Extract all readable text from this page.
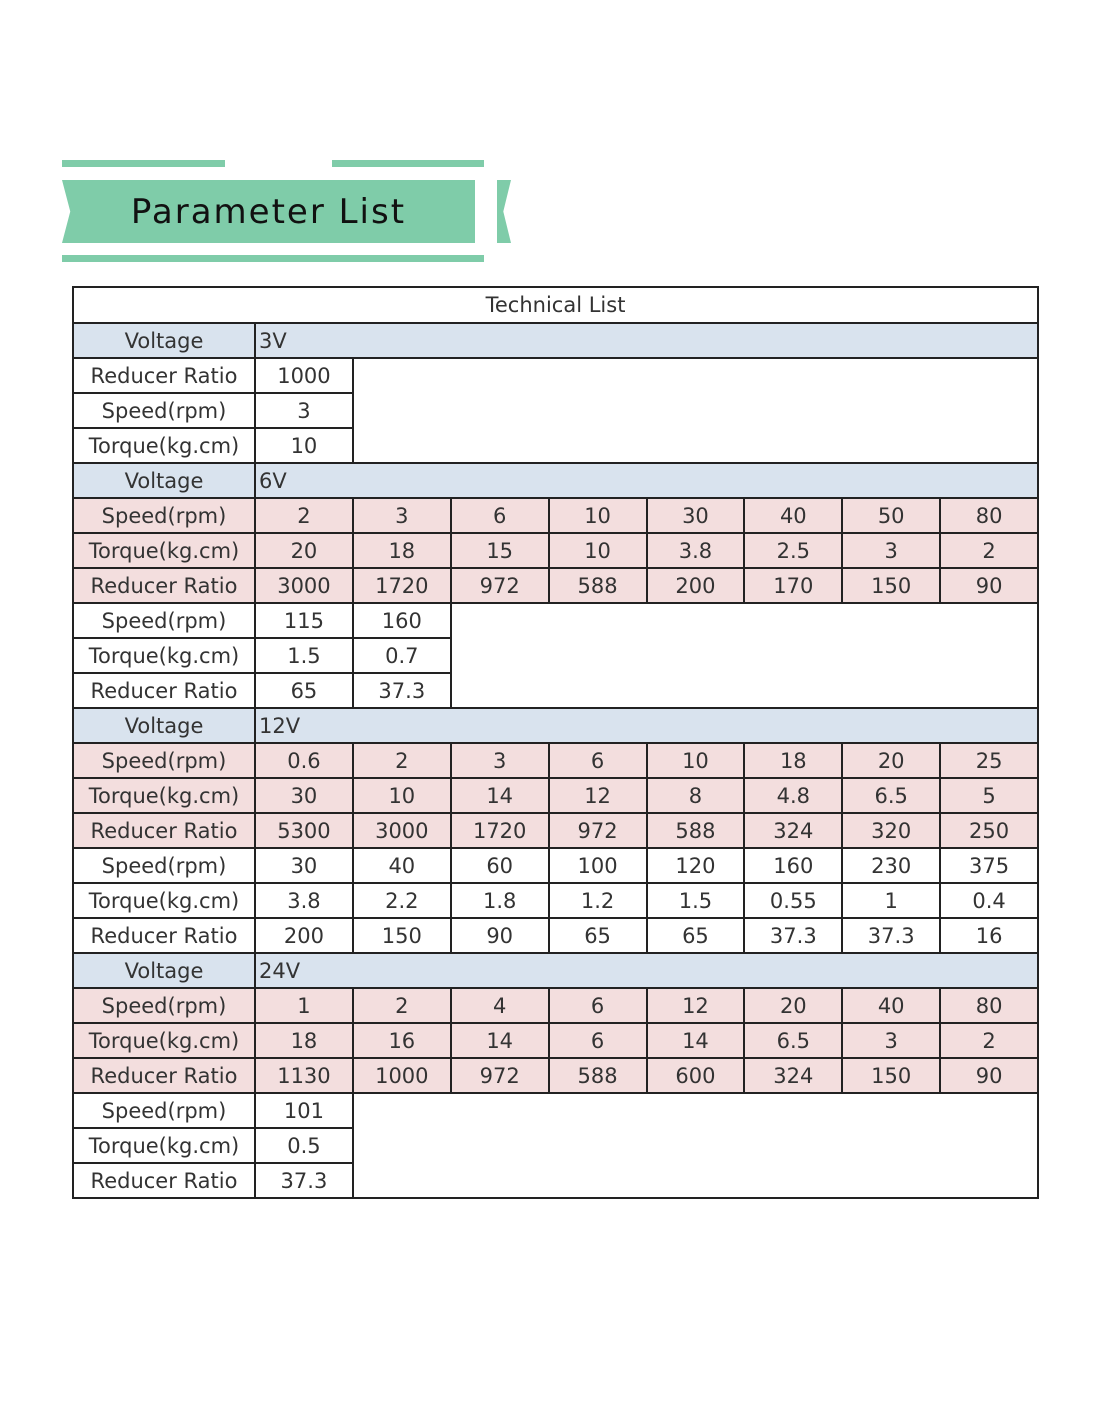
Parameter List
Technical List								
Voltage	3V							
Reducer Ratio	1000							
Speed(rpm)	3							
Torque(kg.cm)	10							
Voltage	6V							
Speed(rpm)	2	3	6	10	30	40	50	80
Torque(kg.cm)	20	18	15	10	3.8	2.5	3	2
Reducer Ratio	3000	1720	972	588	200	170	150	90
Speed(rpm)	115	160						
Torque(kg.cm)	1.5	0.7						
Reducer Ratio	65	37.3						
Voltage	12V							
Speed(rpm)	0.6	2	3	6	10	18	20	25
Torque(kg.cm)	30	10	14	12	8	4.8	6.5	5
Reducer Ratio	5300	3000	1720	972	588	324	320	250
Speed(rpm)	30	40	60	100	120	160	230	375
Torque(kg.cm)	3.8	2.2	1.8	1.2	1.5	0.55	1	0.4
Reducer Ratio	200	150	90	65	65	37.3	37.3	16
Voltage	24V							
Speed(rpm)	1	2	4	6	12	20	40	80
Torque(kg.cm)	18	16	14	6	14	6.5	3	2
Reducer Ratio	1130	1000	972	588	600	324	150	90
Speed(rpm)	101							
Torque(kg.cm)	0.5							
Reducer Ratio	37.3							
